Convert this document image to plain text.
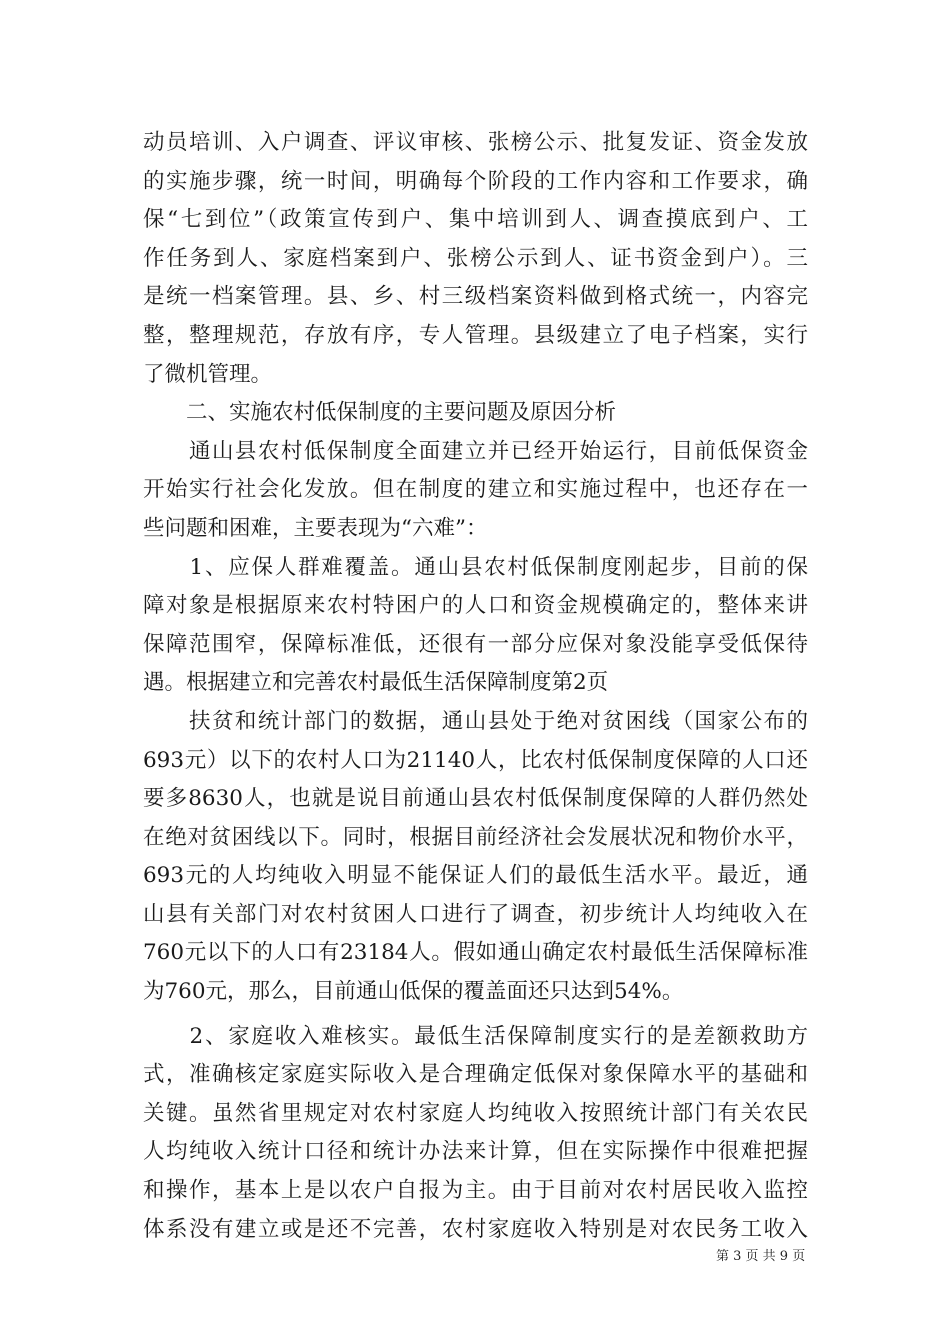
动员培训、入户调查、评议审核、张榜公示、批复发证、资金发放
的实施步骤，统一时间，明确每个阶段的工作内容和工作要求，确
保“七到位”（政策宣传到户、集中培训到人、调查摸底到户、工
作任务到人、家庭档案到户、张榜公示到人、证书资金到户）。三
是统一档案管理。县、乡、村三级档案资料做到格式统一，内容完
整，整理规范，存放有序，专人管理。县级建立了电子档案，实行
了微机管理。
　　二、实施农村低保制度的主要问题及原因分析
　　通山县农村低保制度全面建立并已经开始运行，目前低保资金
开始实行社会化发放。但在制度的建立和实施过程中，也还存在一
些问题和困难，主要表现为“六难”：
　　1、应保人群难覆盖。通山县农村低保制度刚起步，目前的保
障对象是根据原来农村特困户的人口和资金规模确定的，整体来讲
保障范围窄，保障标准低，还很有一部分应保对象没能享受低保待
遇。根据建立和完善农村最低生活保障制度第2页
　　扶贫和统计部门的数据，通山县处于绝对贫困线（国家公布的
693元）以下的农村人口为21140人，比农村低保制度保障的人口还
要多8630人，也就是说目前通山县农村低保制度保障的人群仍然处
在绝对贫困线以下。同时，根据目前经济社会发展状况和物价水平，
693元的人均纯收入明显不能保证人们的最低生活水平。最近，通
山县有关部门对农村贫困人口进行了调查，初步统计人均纯收入在
760元以下的人口有23184人。假如通山确定农村最低生活保障标准
为760元，那么，目前通山低保的覆盖面还只达到54%。
　　2、家庭收入难核实。最低生活保障制度实行的是差额救助方
式，准确核定家庭实际收入是合理确定低保对象保障水平的基础和
关键。虽然省里规定对农村家庭人均纯收入按照统计部门有关农民
人均纯收入统计口径和统计办法来计算，但在实际操作中很难把握
和操作，基本上是以农户自报为主。由于目前对农村居民收入监控
体系没有建立或是还不完善，农村家庭收入特别是对农民务工收入
第 3 页 共 9 页
